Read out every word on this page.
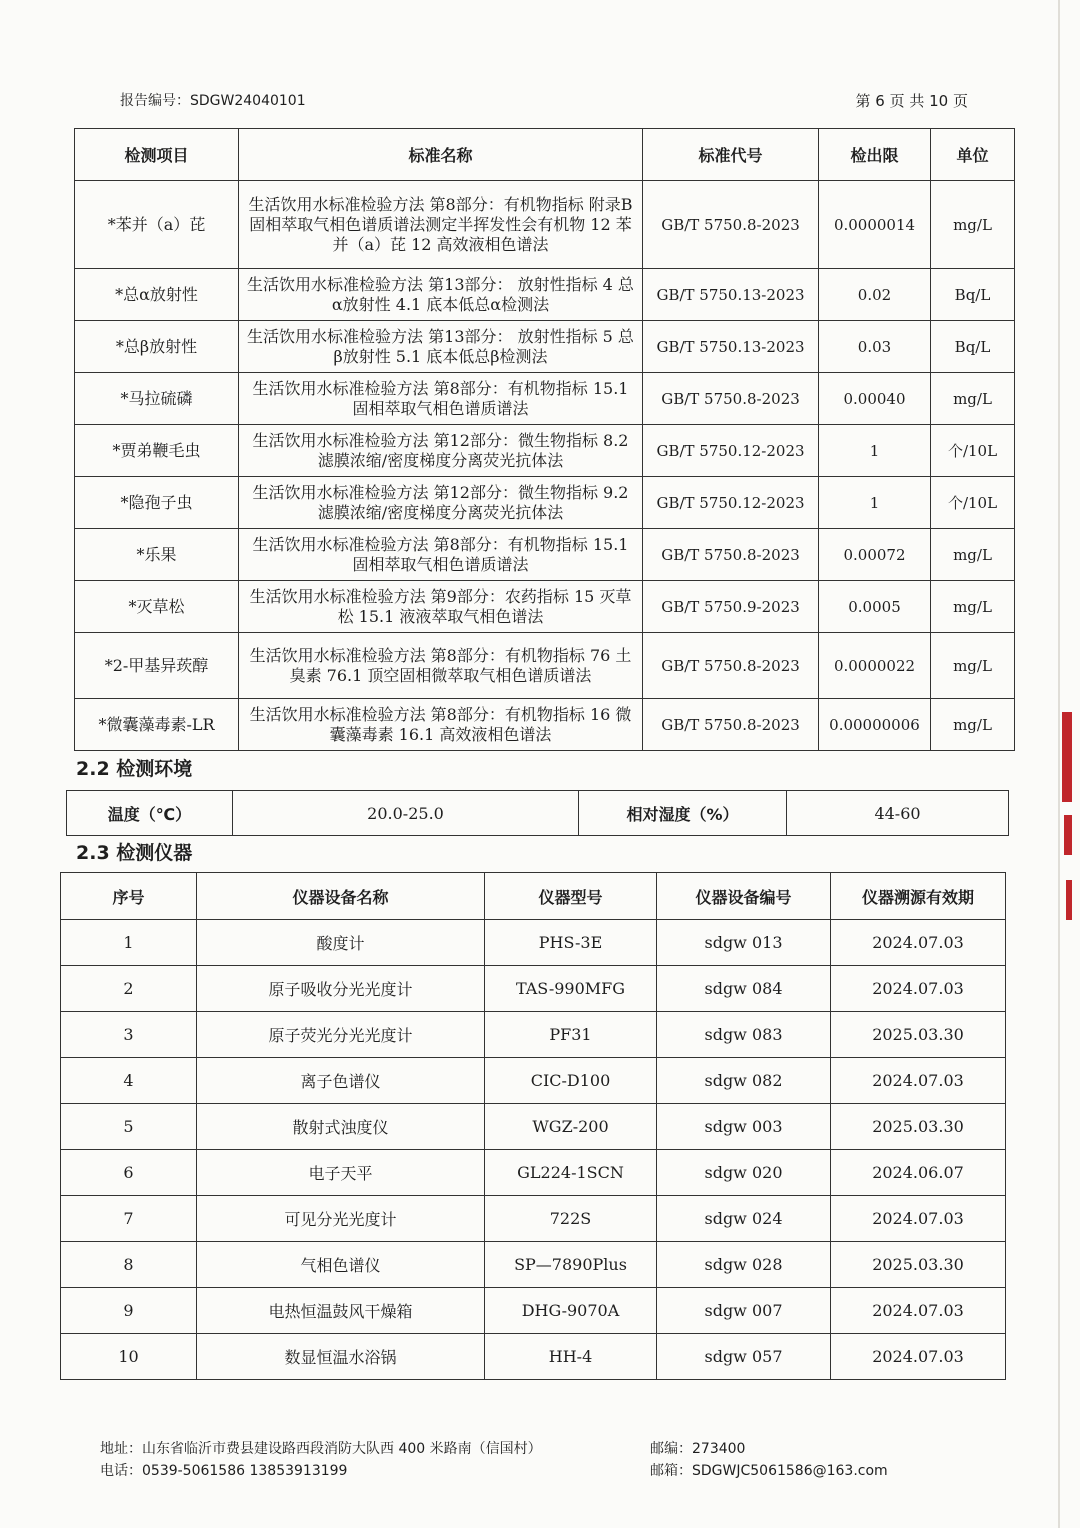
报告编号：SDGW24040101	第 6 页 共 10 页
检测项目	标准名称	标准代号	检出限	单位
*苯并（a）芘	生活饮用水标准检验方法 第8部分：有机物指标 附录B 固相萃取气相色谱质谱法测定半挥发性会有机物 12 苯并（a）芘 12 高效液相色谱法	GB/T 5750.8-2023	0.0000014	mg/L
*总α放射性	生活饮用水标准检验方法 第13部分： 放射性指标 4 总α放射性 4.1 底本低总α检测法	GB/T 5750.13-2023	0.02	Bq/L
*总β放射性	生活饮用水标准检验方法 第13部分： 放射性指标 5 总β放射性 5.1 底本低总β检测法	GB/T 5750.13-2023	0.03	Bq/L
*马拉硫磷	生活饮用水标准检验方法 第8部分：有机物指标 15.1 固相萃取气相色谱质谱法	GB/T 5750.8-2023	0.00040	mg/L
*贾弟鞭毛虫	生活饮用水标准检验方法 第12部分：微生物指标 8.2 滤膜浓缩/密度梯度分离荧光抗体法	GB/T 5750.12-2023	1	个/10L
*隐孢子虫	生活饮用水标准检验方法 第12部分：微生物指标 9.2 滤膜浓缩/密度梯度分离荧光抗体法	GB/T 5750.12-2023	1	个/10L
*乐果	生活饮用水标准检验方法 第8部分：有机物指标 15.1 固相萃取气相色谱质谱法	GB/T 5750.8-2023	0.00072	mg/L
*灭草松	生活饮用水标准检验方法 第9部分：农药指标 15 灭草松 15.1 液液萃取气相色谱法	GB/T 5750.9-2023	0.0005	mg/L
*2-甲基异莰醇	生活饮用水标准检验方法 第8部分：有机物指标 76 土臭素 76.1 顶空固相微萃取气相色谱质谱法	GB/T 5750.8-2023	0.0000022	mg/L
*微囊藻毒素-LR	生活饮用水标准检验方法 第8部分：有机物指标 16 微囊藻毒素 16.1 高效液相色谱法	GB/T 5750.8-2023	0.00000006	mg/L
2.2 检测环境
温度（℃）	20.0-25.0	相对湿度（%）	44-60
2.3 检测仪器
序号	仪器设备名称	仪器型号	仪器设备编号	仪器溯源有效期
1	酸度计	PHS-3E	sdgw 013	2024.07.03
2	原子吸收分光光度计	TAS-990MFG	sdgw 084	2024.07.03
3	原子荧光分光光度计	PF31	sdgw 083	2025.03.30
4	离子色谱仪	CIC-D100	sdgw 082	2024.07.03
5	散射式浊度仪	WGZ-200	sdgw 003	2025.03.30
6	电子天平	GL224-1SCN	sdgw 020	2024.06.07
7	可见分光光度计	722S	sdgw 024	2024.07.03
8	气相色谱仪	SP—7890Plus	sdgw 028	2025.03.30
9	电热恒温鼓风干燥箱	DHG-9070A	sdgw 007	2024.07.03
10	数显恒温水浴锅	HH-4	sdgw 057	2024.07.03
地址：山东省临沂市费县建设路西段消防大队西 400 米路南（信国村）
电话：0539-5061586 13853913199
邮编：273400
邮箱：SDGWJC5061586@163.com
